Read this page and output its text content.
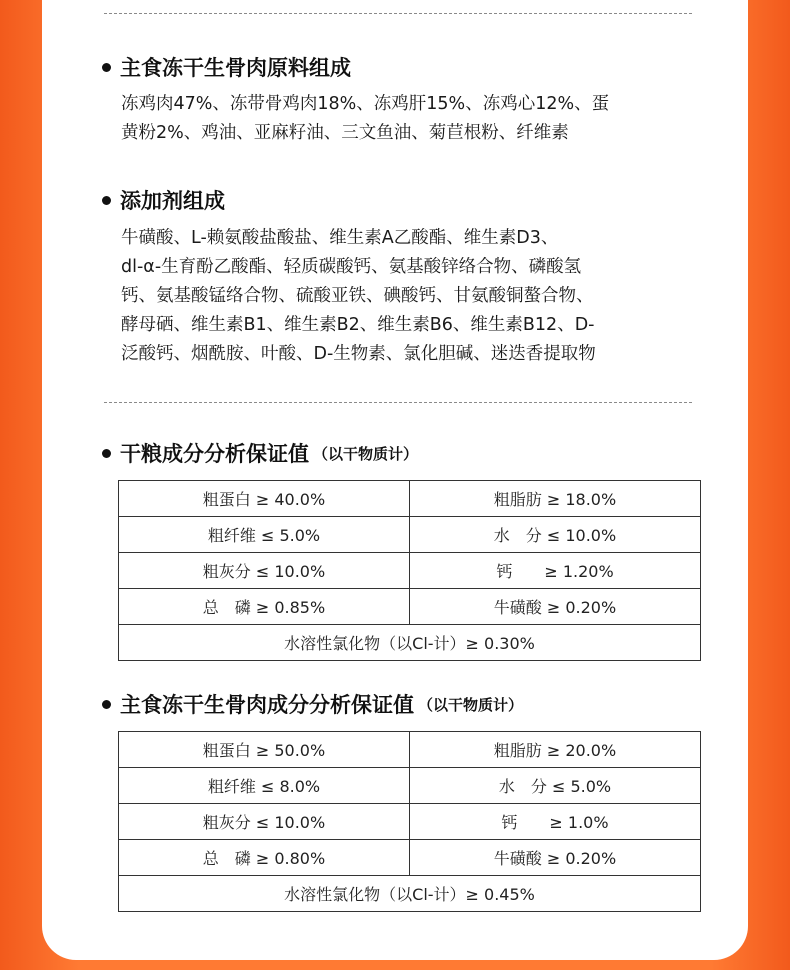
主食冻干生骨肉原料组成
冻鸡肉47%、冻带骨鸡肉18%、冻鸡肝15%、冻鸡心12%、蛋
黄粉2%、鸡油、亚麻籽油、三文鱼油、菊苣根粉、纤维素
添加剂组成
牛磺酸、L-赖氨酸盐酸盐、维生素A乙酸酯、维生素D3、
dl-α-生育酚乙酸酯、轻质碳酸钙、氨基酸锌络合物、磷酸氢
钙、氨基酸锰络合物、硫酸亚铁、碘酸钙、甘氨酸铜螯合物、
酵母硒、维生素B1、维生素B2、维生素B6、维生素B12、D-
泛酸钙、烟酰胺、叶酸、D-生物素、氯化胆碱、迷迭香提取物
干粮成分分析保证值 （以干物质计）
粗蛋白 ≥ 40.0%	粗脂肪 ≥ 18.0%
粗纤维 ≤ 5.0%	水　分 ≤ 10.0%
粗灰分 ≤ 10.0%	钙　　≥ 1.20%
总　磷 ≥ 0.85%	牛磺酸 ≥ 0.20%
水溶性氯化物（以Cl-计）≥ 0.30%	
主食冻干生骨肉成分分析保证值 （以干物质计）
粗蛋白 ≥ 50.0%	粗脂肪 ≥ 20.0%
粗纤维 ≤ 8.0%	水　分 ≤ 5.0%
粗灰分 ≤ 10.0%	钙　　≥ 1.0%
总　磷 ≥ 0.80%	牛磺酸 ≥ 0.20%
水溶性氯化物（以Cl-计）≥ 0.45%	
